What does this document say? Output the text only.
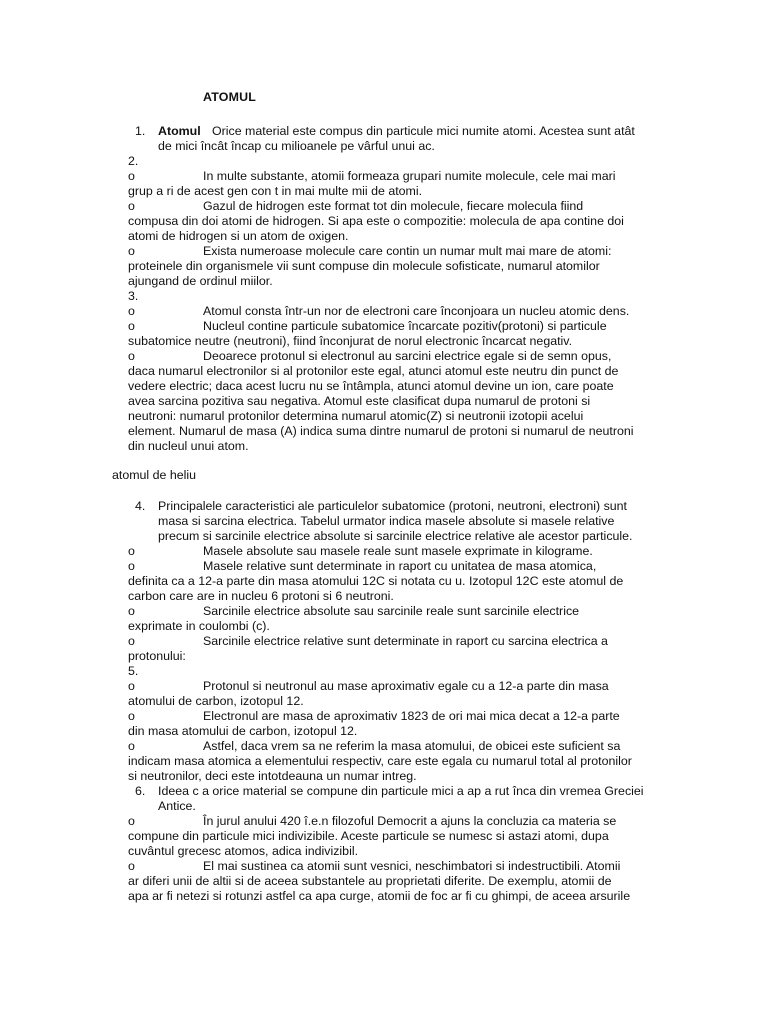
ATOMUL
1. Atomul Orice material este compus din particule mici numite atomi. Acestea sunt atât
de mici încât încap cu milioanele pe vârful unui ac.
2.
o	In multe substante, atomii formeaza grupari numite molecule, cele mai mari
grup a ri de acest gen con t in mai multe mii de atomi.
o	Gazul de hidrogen este format tot din molecule, fiecare molecula fiind
compusa din doi atomi de hidrogen. Si apa este o compozitie: molecula de apa contine doi
atomi de hidrogen si un atom de oxigen.
o	Exista numeroase molecule care contin un numar mult mai mare de atomi:
proteinele din organismele vii sunt compuse din molecule sofisticate, numarul atomilor
ajungand de ordinul miilor.
3.
o	Atomul consta într-un nor de electroni care înconjoara un nucleu atomic dens.
o	Nucleul contine particule subatomice încarcate pozitiv(protoni) si particule
subatomice neutre (neutroni), fiind înconjurat de norul electronic încarcat negativ.
o	Deoarece protonul si electronul au sarcini electrice egale si de semn opus,
daca numarul electronilor si al protonilor este egal, atunci atomul este neutru din punct de
vedere electric; daca acest lucru nu se întâmpla, atunci atomul devine un ion, care poate
avea sarcina pozitiva sau negativa. Atomul este clasificat dupa numarul de protoni si
neutroni: numarul protonilor determina numarul atomic(Z) si neutronii izotopii acelui
element. Numarul de masa (A) indica suma dintre numarul de protoni si numarul de neutroni
din nucleul unui atom.
atomul de heliu
4. Principalele caracteristici ale particulelor subatomice (protoni, neutroni, electroni) sunt
masa si sarcina electrica. Tabelul urmator indica masele absolute si masele relative
precum si sarcinile electrice absolute si sarcinile electrice relative ale acestor particule.
o	Masele absolute sau masele reale sunt masele exprimate in kilograme.
o	Masele relative sunt determinate in raport cu unitatea de masa atomica,
definita ca a 12-a parte din masa atomului 12C si notata cu u. Izotopul 12C este atomul de
carbon care are in nucleu 6 protoni si 6 neutroni.
o	Sarcinile electrice absolute sau sarcinile reale sunt sarcinile electrice
exprimate in coulombi (c).
o	Sarcinile electrice relative sunt determinate in raport cu sarcina electrica a
protonului:
5.
o	Protonul si neutronul au mase aproximativ egale cu a 12-a parte din masa
atomului de carbon, izotopul 12.
o	Electronul are masa de aproximativ 1823 de ori mai mica decat a 12-a parte
din masa atomului de carbon, izotopul 12.
o	Astfel, daca vrem sa ne referim la masa atomului, de obicei este suficient sa
indicam masa atomica a elementului respectiv, care este egala cu numarul total al protonilor
si neutronilor, deci este intotdeauna un numar intreg.
6. Ideea c a orice material se compune din particule mici a ap a rut înca din vremea Greciei
Antice.
o	În jurul anului 420 î.e.n filozoful Democrit a ajuns la concluzia ca materia se
compune din particule mici indivizibile. Aceste particule se numesc si astazi atomi, dupa
cuvântul grecesc atomos, adica indivizibil.
o	El mai sustinea ca atomii sunt vesnici, neschimbatori si indestructibili. Atomii
ar diferi unii de altii si de aceea substantele au proprietati diferite. De exemplu, atomii de
apa ar fi netezi si rotunzi astfel ca apa curge, atomii de foc ar fi cu ghimpi, de aceea arsurile
